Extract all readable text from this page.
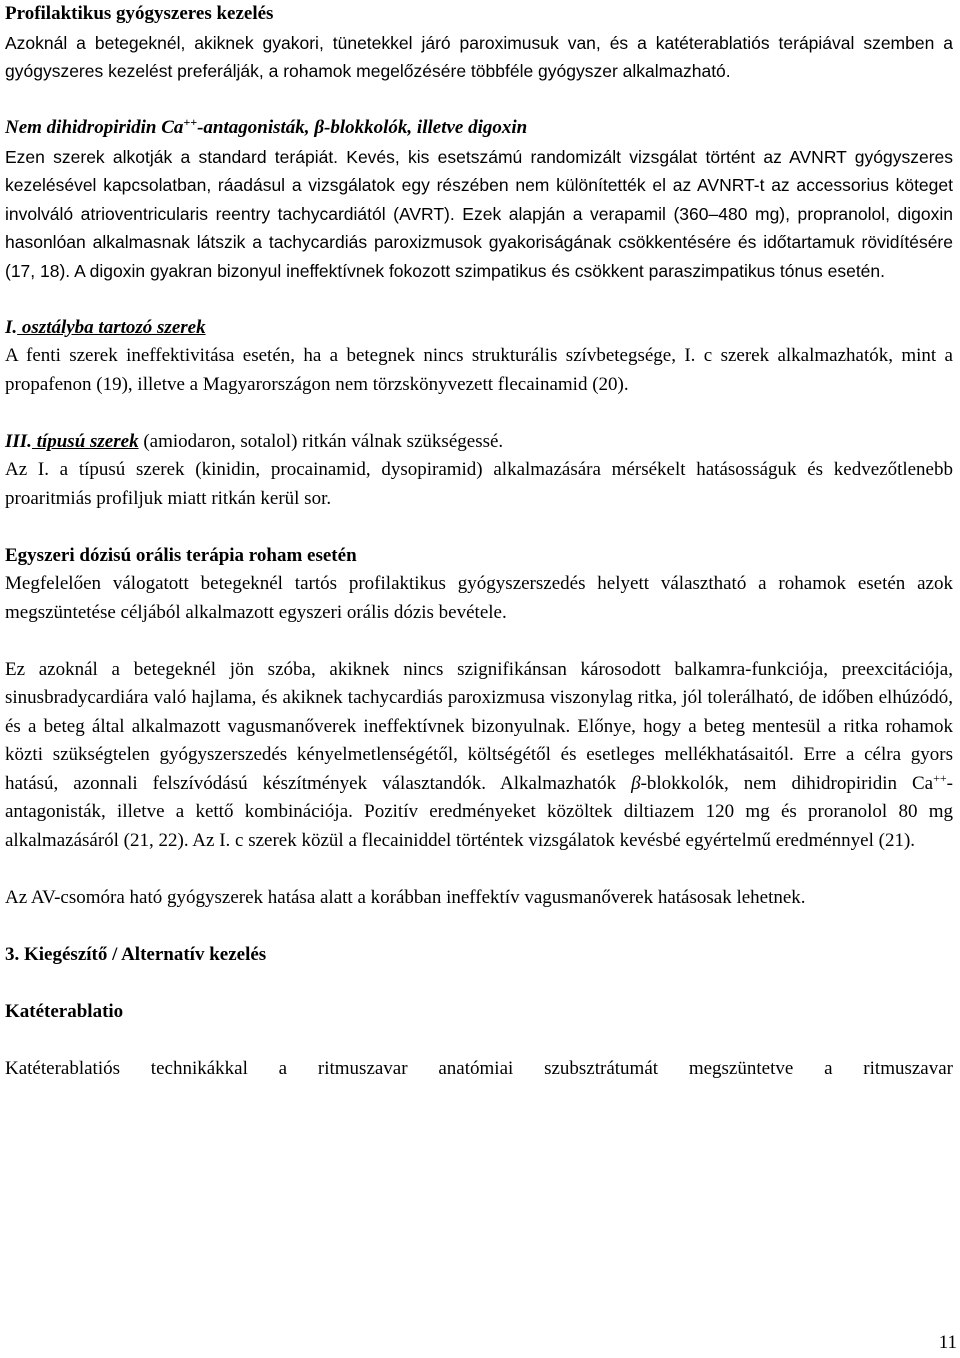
Profilaktikus gyógyszeres kezelés

Azoknál a betegeknél, akiknek gyakori, tünetekkel járó paroximusuk van, és a katéterablatiós terápiával szemben a gyógyszeres kezelést preferálják, a rohamok megelőzésére többféle gyógyszer alkalmazható.

Nem dihidropiridin Ca++-antagonisták, β-blokkolók, illetve digoxin

Ezen szerek alkotják a standard terápiát. Kevés, kis esetszámú randomizált vizsgálat történt az AVNRT gyógyszeres kezelésével kapcsolatban, ráadásul a vizsgálatok egy részében nem különítették el az AVNRT-t az accessorius köteget involváló atrioventricularis reentry tachycardiától (AVRT). Ezek alapján a verapamil (360–480 mg), propranolol, digoxin hasonlóan alkalmasnak látszik a tachycardiás paroxizmusok gyakoriságának csökkentésére és időtartamuk rövidítésére (17, 18). A digoxin gyakran bizonyul ineffektívnek fokozott szimpatikus és csökkent paraszimpatikus tónus esetén.

I. osztályba tartozó szerek

A fenti szerek ineffektivitása esetén, ha a betegnek nincs strukturális szívbetegsége, I. c szerek alkalmazhatók, mint a propafenon (19), illetve a Magyarországon nem törzskönyvezett flecainamid (20).

III. típusú szerek (amiodaron, sotalol) ritkán válnak szükségessé.

Az I. a típusú szerek (kinidin, procainamid, dysopiramid) alkalmazására mérsékelt hatásosságuk és kedvezőtlenebb proaritmiás profiljuk miatt ritkán kerül sor.

Egyszeri dózisú orális terápia roham esetén

Megfelelően válogatott betegeknél tartós profilaktikus gyógyszerszedés helyett választható a rohamok esetén azok megszüntetése céljából alkalmazott egyszeri orális dózis bevétele.

Ez azoknál a betegeknél jön szóba, akiknek nincs szignifikánsan károsodott balkamra-funkciója, preexcitációja, sinusbradycardiára való hajlama, és akiknek tachycardiás paroxizmusa viszonylag ritka, jól tolerálható, de időben elhúzódó, és a beteg által alkalmazott vagusmanőverek ineffektívnek bizonyulnak. Előnye, hogy a beteg mentesül a ritka rohamok közti szükségtelen gyógyszerszedés kényelmetlenségétől, költségétől és esetleges mellékhatásaitól. Erre a célra gyors hatású, azonnali felszívódású készítmények választandók. Alkalmazhatók β-blokkolók, nem dihidropiridin Ca++-antagonisták, illetve a kettő kombinációja. Pozitív eredményeket közöltek diltiazem 120 mg és proranolol 80 mg alkalmazásáról (21, 22). Az I. c szerek közül a flecainiddel történtek vizsgálatok kevésbé egyértelmű eredménnyel (21).

Az AV-csomóra ható gyógyszerek hatása alatt a korábban ineffektív vagusmanőverek hatásosak lehetnek.

3. Kiegészítő / Alternatív kezelés

Katéterablatio

Katéterablatiós technikákkal a ritmuszavar anatómiai szubsztrátumát megszüntetve a ritmuszavar

11
